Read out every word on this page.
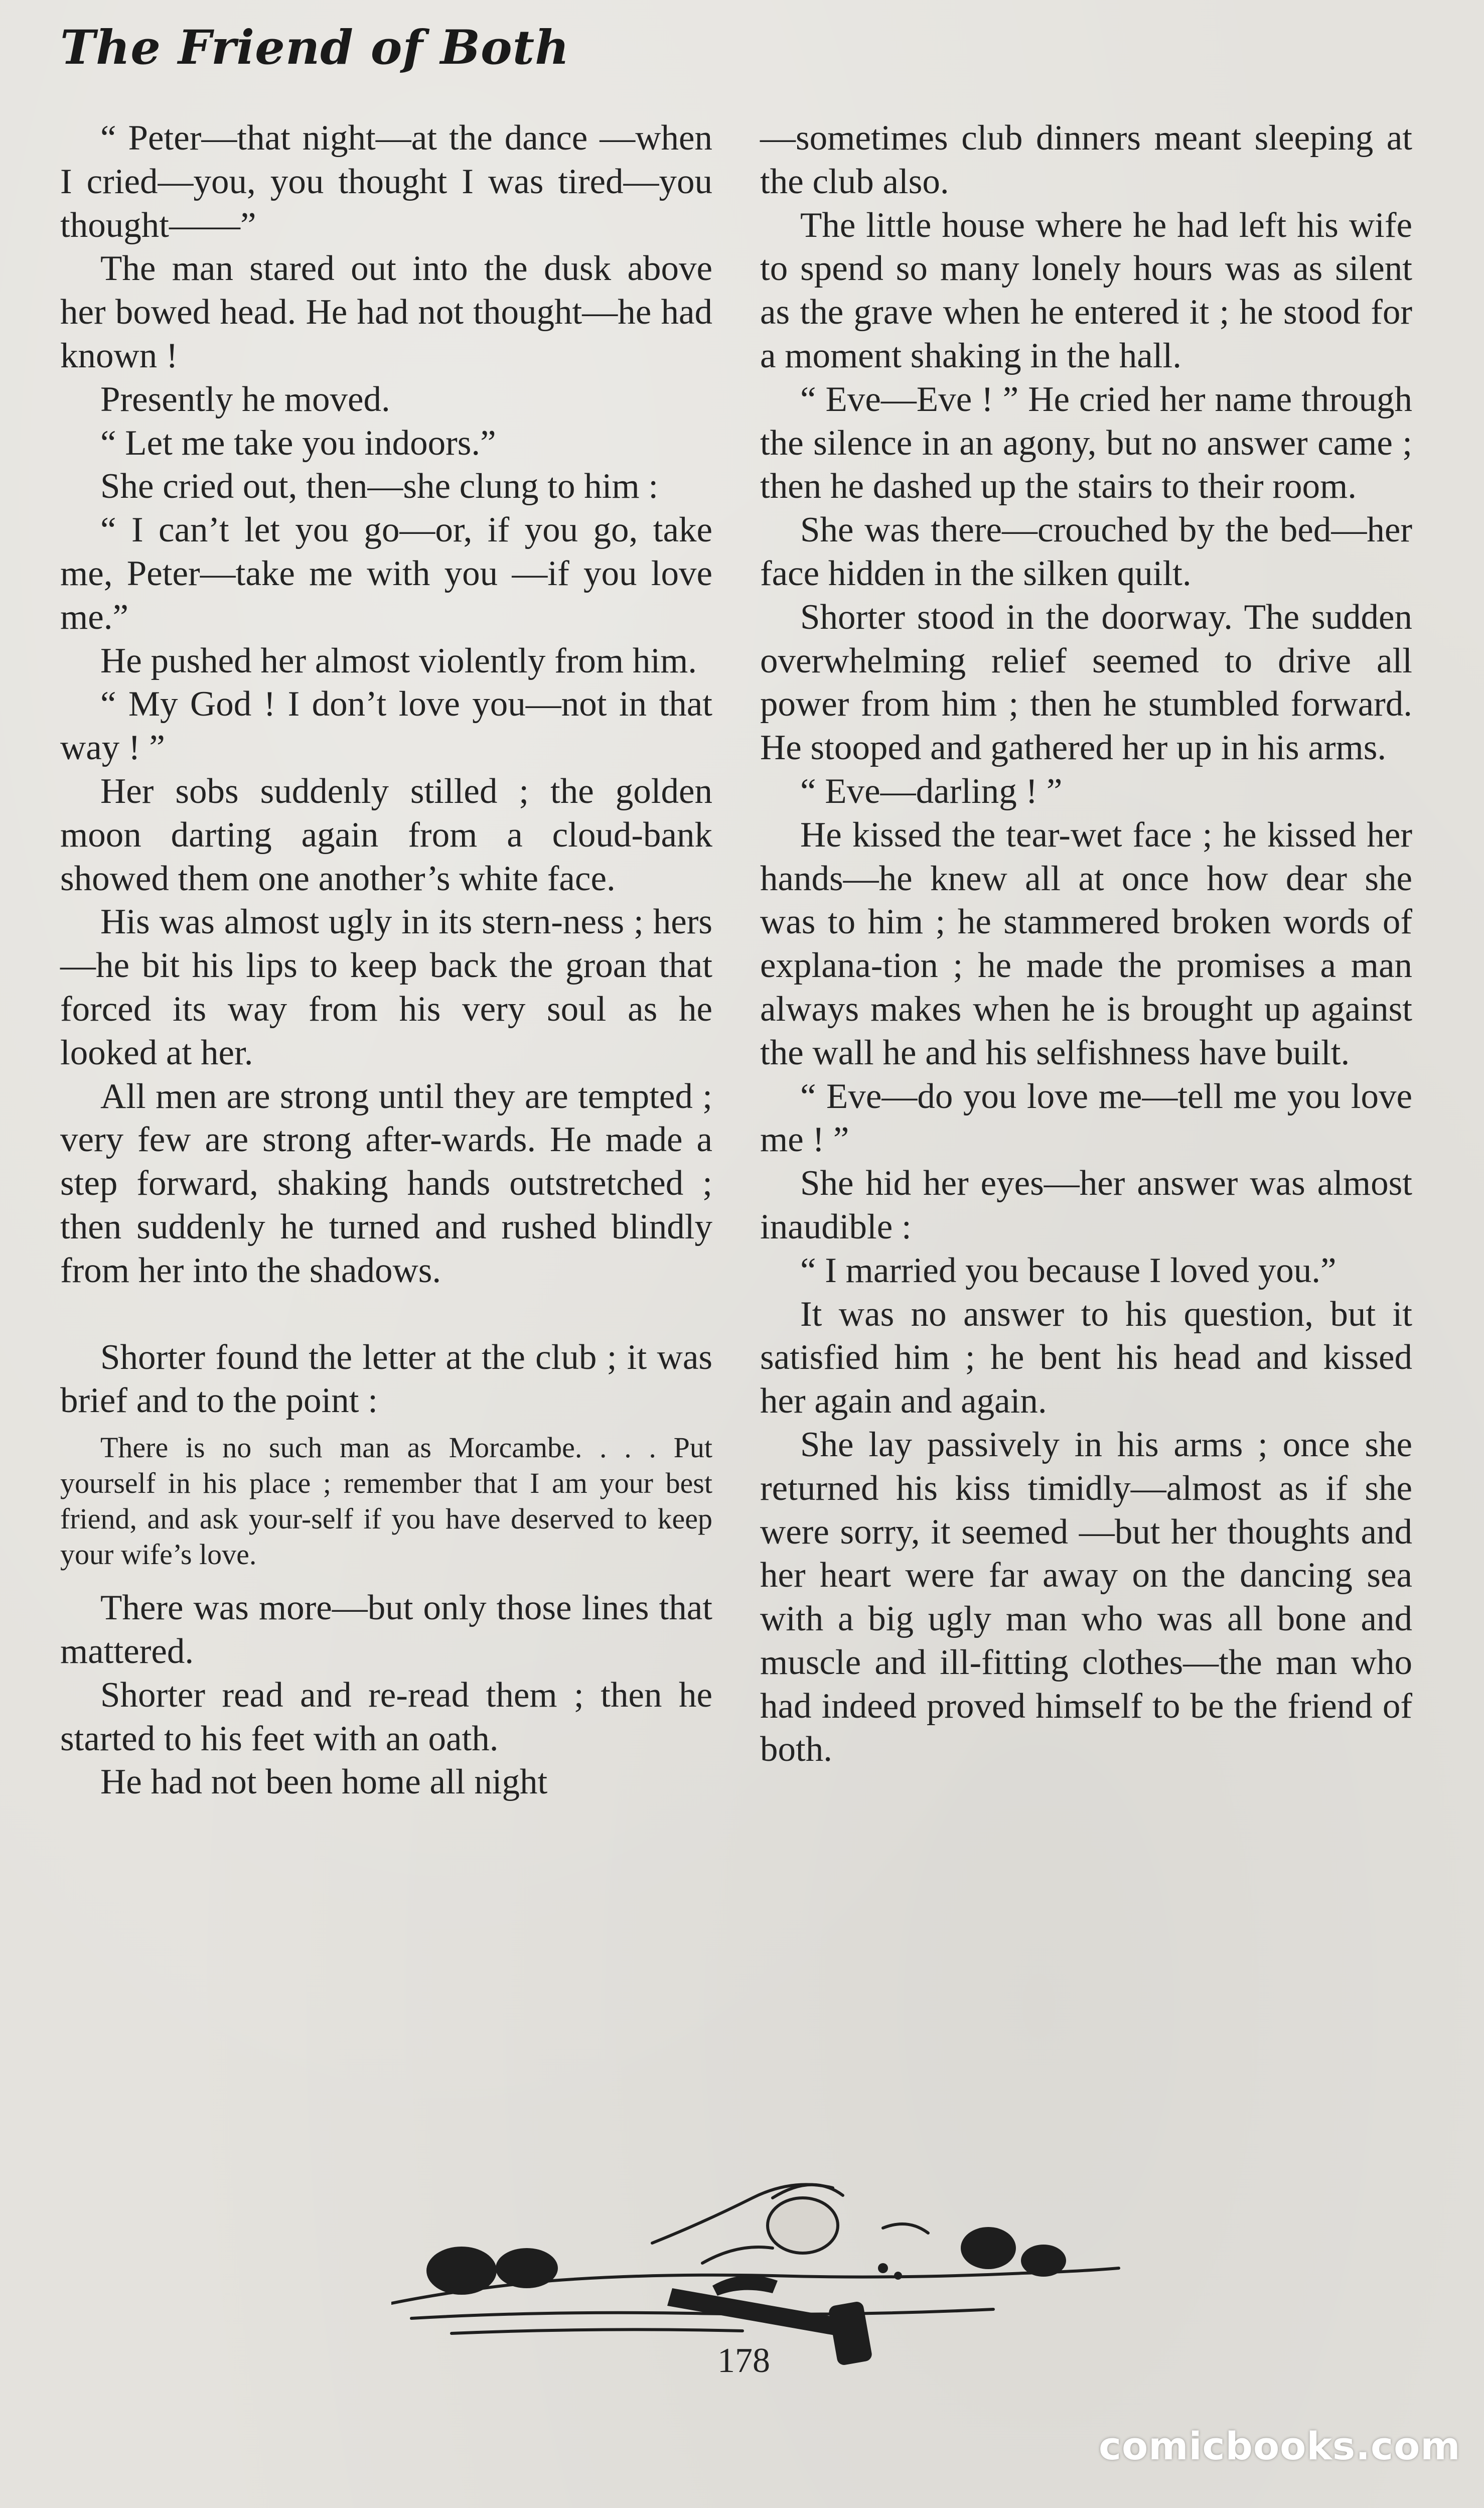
The Friend of Both

“ Peter—that night—at the dance —when I cried—you, you thought I was tired—you thought——”

The man stared out into the dusk above her bowed head. He had not thought—he had known !

Presently he moved.

“ Let me take you indoors.”

She cried out, then—she clung to him :

“ I can’t let you go—or, if you go, take me, Peter—take me with you —if you love me.”

He pushed her almost violently from him.

“ My God ! I don’t love you—not in that way ! ”

Her sobs suddenly stilled ; the golden moon darting again from a cloud-bank showed them one another’s white face.

His was almost ugly in its stern-ness ; hers—he bit his lips to keep back the groan that forced its way from his very soul as he looked at her.

All men are strong until they are tempted ; very few are strong after-wards. He made a step forward, shaking hands outstretched ; then suddenly he turned and rushed blindly from her into the shadows.

Shorter found the letter at the club ; it was brief and to the point :

There is no such man as Morcambe. . . . Put yourself in his place ; remember that I am your best friend, and ask your-self if you have deserved to keep your wife’s love.

There was more—but only those lines that mattered.

Shorter read and re-read them ; then he started to his feet with an oath.

He had not been home all night

—sometimes club dinners meant sleeping at the club also.

The little house where he had left his wife to spend so many lonely hours was as silent as the grave when he entered it ; he stood for a moment shaking in the hall.

“ Eve—Eve ! ” He cried her name through the silence in an agony, but no answer came ; then he dashed up the stairs to their room.

She was there—crouched by the bed—her face hidden in the silken quilt.

Shorter stood in the doorway. The sudden overwhelming relief seemed to drive all power from him ; then he stumbled forward. He stooped and gathered her up in his arms.

“ Eve—darling ! ”

He kissed the tear-wet face ; he kissed her hands—he knew all at once how dear she was to him ; he stammered broken words of explana-tion ; he made the promises a man always makes when he is brought up against the wall he and his selfishness have built.

“ Eve—do you love me—tell me you love me ! ”

She hid her eyes—her answer was almost inaudible :

“ I married you because I loved you.”

It was no answer to his question, but it satisfied him ; he bent his head and kissed her again and again.

She lay passively in his arms ; once she returned his kiss timidly—almost as if she were sorry, it seemed —but her thoughts and her heart were far away on the dancing sea with a big ugly man who was all bone and muscle and ill-fitting clothes—the man who had indeed proved himself to be the friend of both.

178
comicbooks.com
